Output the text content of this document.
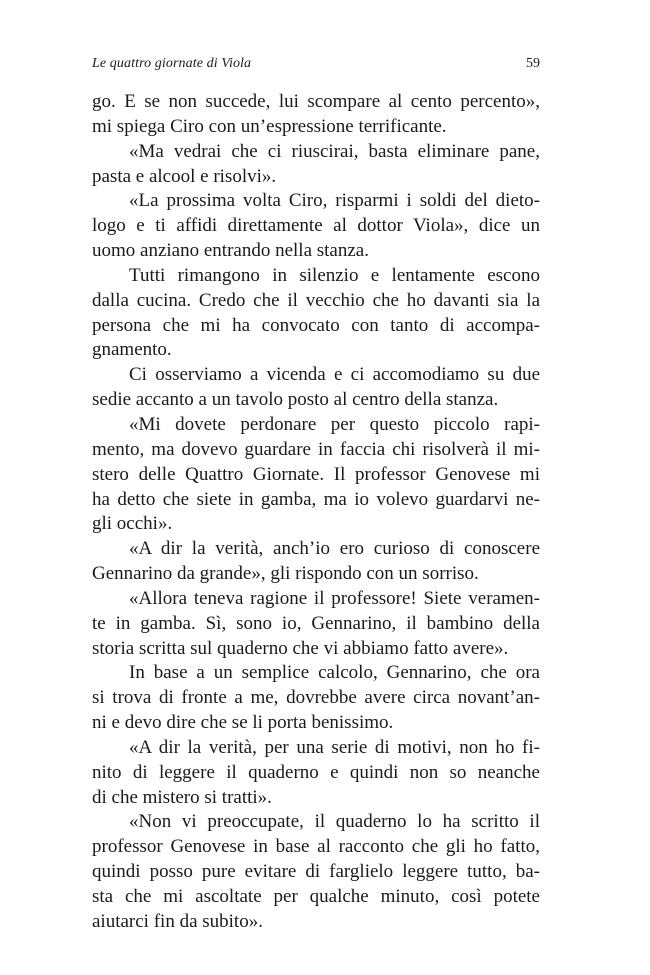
Le quattro giornate di Viola	59
go. E se non succede, lui scompare al cento percento»,
mi spiega Ciro con un’espressione terrificante.
«Ma vedrai che ci riuscirai, basta eliminare pane,
pasta e alcool e risolvi».
«La prossima volta Ciro, risparmi i soldi del dieto-
logo e ti affidi direttamente al dottor Viola», dice un
uomo anziano entrando nella stanza.
Tutti rimangono in silenzio e lentamente escono
dalla cucina. Credo che il vecchio che ho davanti sia la
persona che mi ha convocato con tanto di accompa-
gnamento.
Ci osserviamo a vicenda e ci accomodiamo su due
sedie accanto a un tavolo posto al centro della stanza.
«Mi dovete perdonare per questo piccolo rapi-
mento, ma dovevo guardare in faccia chi risolverà il mi-
stero delle Quattro Giornate. Il professor Genovese mi
ha detto che siete in gamba, ma io volevo guardarvi ne-
gli occhi».
«A dir la verità, anch’io ero curioso di conoscere
Gennarino da grande», gli rispondo con un sorriso.
«Allora teneva ragione il professore! Siete veramen-
te in gamba. Sì, sono io, Gennarino, il bambino della
storia scritta sul quaderno che vi abbiamo fatto avere».
In base a un semplice calcolo, Gennarino, che ora
si trova di fronte a me, dovrebbe avere circa novant’an-
ni e devo dire che se li porta benissimo.
«A dir la verità, per una serie di motivi, non ho fi-
nito di leggere il quaderno e quindi non so neanche
di che mistero si tratti».
«Non vi preoccupate, il quaderno lo ha scritto il
professor Genovese in base al racconto che gli ho fatto,
quindi posso pure evitare di farglielo leggere tutto, ba-
sta che mi ascoltate per qualche minuto, così potete
aiutarci fin da subito».
